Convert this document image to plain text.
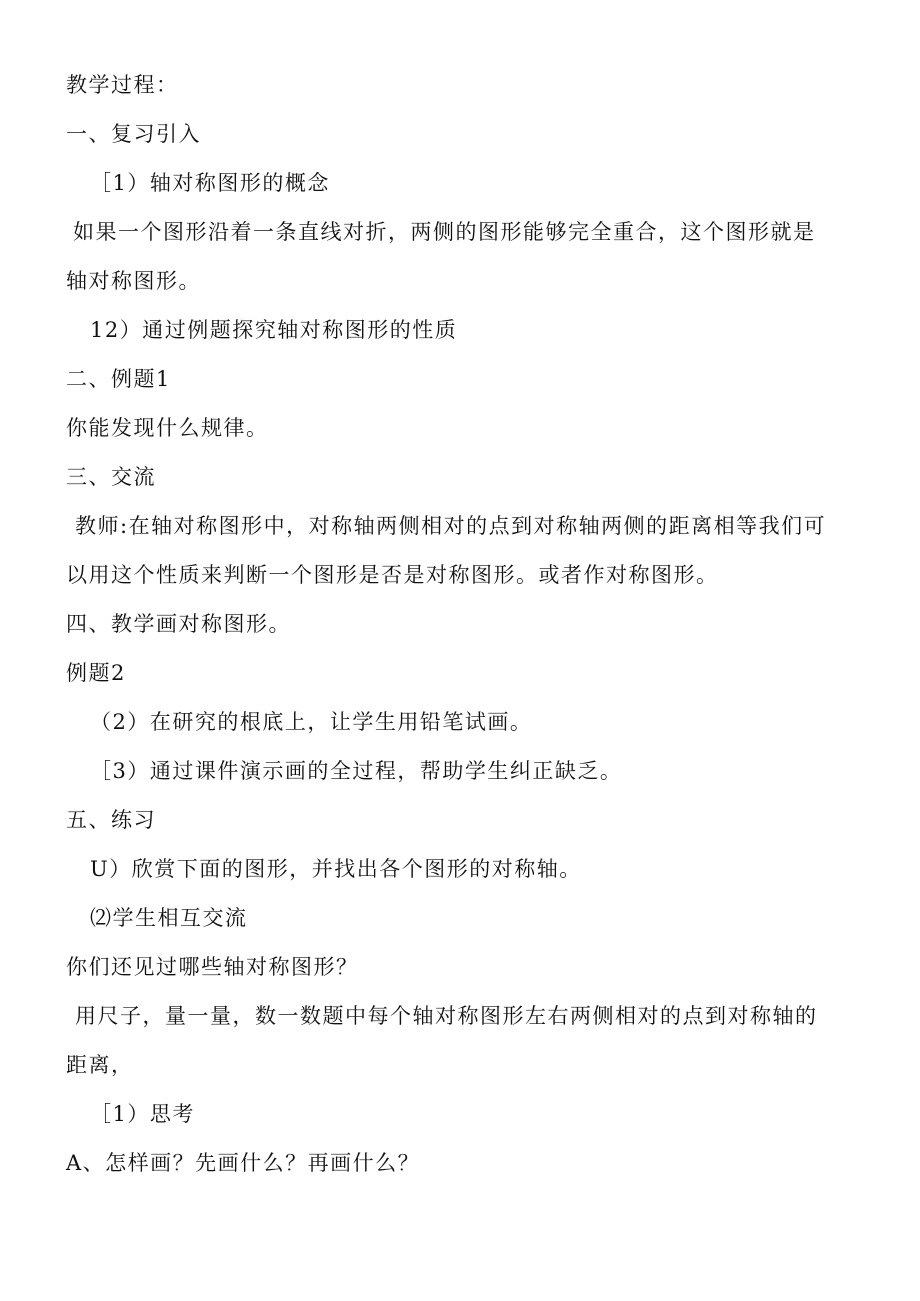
教学过程：
一、复习引入
［1）轴对称图形的概念
如果一个图形沿着一条直线对折，两侧的图形能够完全重合，这个图形就是
轴对称图形。
12）通过例题探究轴对称图形的性质
二、例题1
你能发现什么规律。
三、交流
教师:在轴对称图形中，对称轴两侧相对的点到对称轴两侧的距离相等我们可
以用这个性质来判断一个图形是否是对称图形。或者作对称图形。
四、教学画对称图形。
例题2
（2）在研究的根底上，让学生用铅笔试画。
［3）通过课件演示画的全过程，帮助学生纠正缺乏。
五、练习
U）欣赏下面的图形，并找出各个图形的对称轴。
⑵学生相互交流
你们还见过哪些轴对称图形？
用尺子，量一量，数一数题中每个轴对称图形左右两侧相对的点到对称轴的
距离，
［1）思考
A、怎样画？先画什么？再画什么？
